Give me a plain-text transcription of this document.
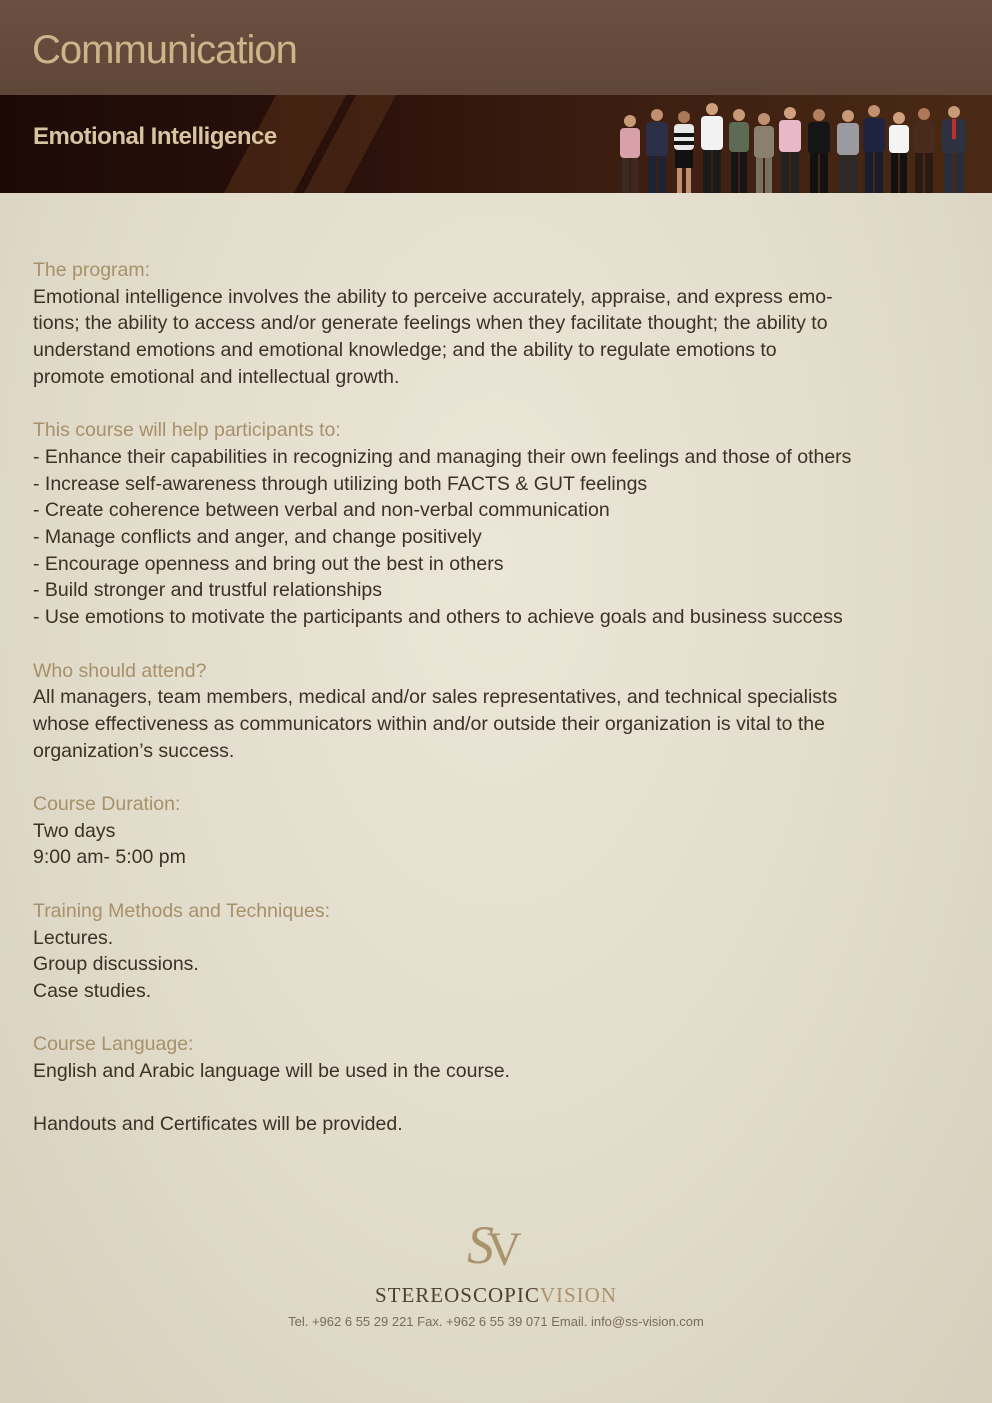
Communication
Emotional Intelligence
The program:
Emotional intelligence involves the ability to perceive accurately, appraise, and express emo-
tions; the ability to access and/or generate feelings when they facilitate thought; the ability to
understand emotions and emotional knowledge; and the ability to regulate emotions to
promote emotional and intellectual growth.
This course will help participants to:
- Enhance their capabilities in recognizing and managing their own feelings and those of others
- Increase self-awareness through utilizing both FACTS & GUT feelings
- Create coherence between verbal and non-verbal communication
- Manage conflicts and anger, and change positively
- Encourage openness and bring out the best in others
- Build stronger and trustful relationships
- Use emotions to motivate the participants and others to achieve goals and business success
Who should attend?
All managers, team members, medical and/or sales representatives, and technical specialists
whose effectiveness as communicators within and/or outside their organization is vital to the
organization’s success.
Course Duration:
Two days
9:00 am- 5:00 pm
Training Methods and Techniques:
Lectures.
Group discussions.
Case studies.
Course Language:
English and Arabic language will be used in the course.
Handouts and Certificates will be provided.
S
V
STEREOSCOPICVISION
Tel. +962 6 55 29 221 Fax. +962 6 55 39 071 Email. info@ss-vision.com
